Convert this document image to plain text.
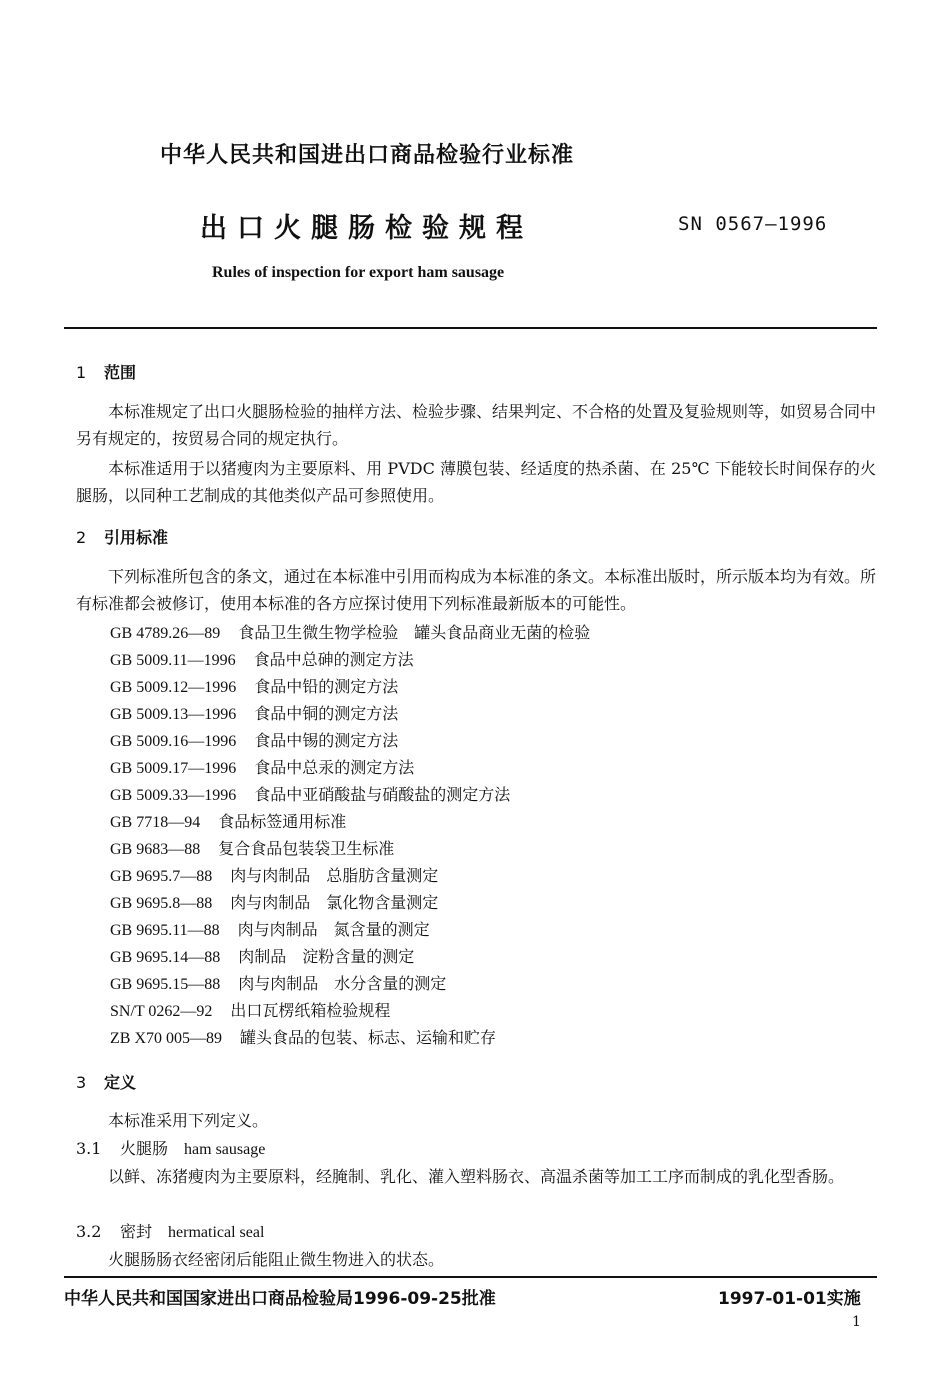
中华人民共和国进出口商品检验行业标准
出口火腿肠检验规程	SN 0567—1996
Rules of inspection for export ham sausage
1 范围
本标准规定了出口火腿肠检验的抽样方法、检验步骤、结果判定、不合格的处置及复验规则等，如贸易合同中另有规定的，按贸易合同的规定执行。
本标准适用于以猪瘦肉为主要原料、用 PVDC 薄膜包装、经适度的热杀菌、在 25℃ 下能较长时间保存的火腿肠，以同种工艺制成的其他类似产品可参照使用。
2 引用标准
下列标准所包含的条文，通过在本标准中引用而构成为本标准的条文。本标准出版时，所示版本均为有效。所有标准都会被修订，使用本标准的各方应探讨使用下列标准最新版本的可能性。
GB 4789.26—89 食品卫生微生物学检验　罐头食品商业无菌的检验
GB 5009.11—1996 食品中总砷的测定方法
GB 5009.12—1996 食品中铅的测定方法
GB 5009.13—1996 食品中铜的测定方法
GB 5009.16—1996 食品中锡的测定方法
GB 5009.17—1996 食品中总汞的测定方法
GB 5009.33—1996 食品中亚硝酸盐与硝酸盐的测定方法
GB 7718—94 食品标签通用标准
GB 9683—88 复合食品包装袋卫生标准
GB 9695.7—88 肉与肉制品　总脂肪含量测定
GB 9695.8—88 肉与肉制品　氯化物含量测定
GB 9695.11—88 肉与肉制品　氮含量的测定
GB 9695.14—88 肉制品　淀粉含量的测定
GB 9695.15—88 肉与肉制品　水分含量的测定
SN/T 0262—92 出口瓦楞纸箱检验规程
ZB X70 005—89 罐头食品的包装、标志、运输和贮存
3 定义
本标准采用下列定义。
3.1 火腿肠 ham sausage
以鲜、冻猪瘦肉为主要原料，经腌制、乳化、灌入塑料肠衣、高温杀菌等加工工序而制成的乳化型香肠。
3.2 密封 hermatical seal
火腿肠肠衣经密闭后能阻止微生物进入的状态。
中华人民共和国国家进出口商品检验局1996-09-25批准	1997-01-01实施
1
